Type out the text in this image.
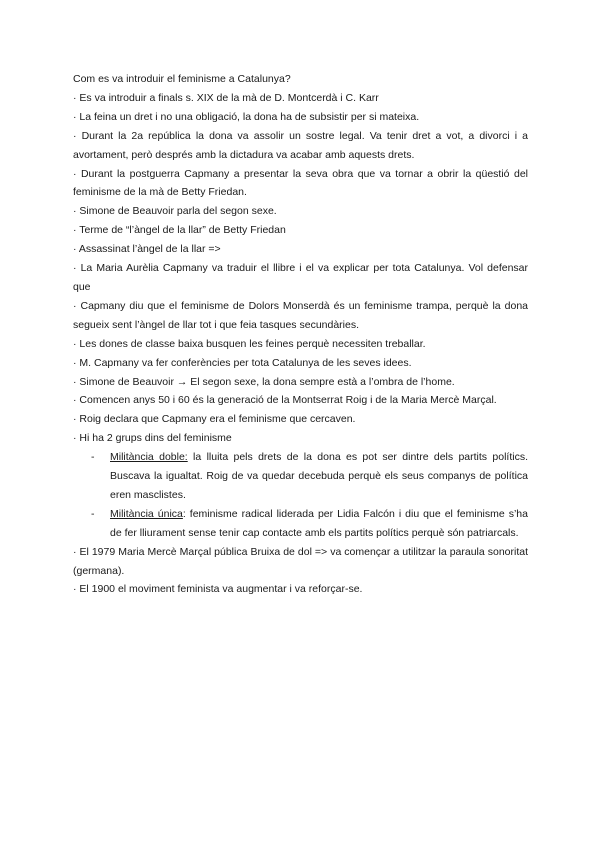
Com es va introduir el feminisme a Catalunya?

· Es va introduir a finals s. XIX de la mà de D. Montcerdà i C. Karr

· La feina un dret i no una obligació, la dona ha de subsistir per si mateixa.

· Durant la 2a república la dona va assolir un sostre legal. Va tenir dret a vot, a divorci i a avortament, però després amb la dictadura va acabar amb aquests drets.

· Durant la postguerra Capmany a presentar la seva obra que va tornar a obrir la qüestió del feminisme de la mà de Betty Friedan.

· Simone de Beauvoir parla del segon sexe.

· Terme de “l’àngel de la llar” de Betty Friedan

· Assassinat l’àngel de la llar =>

· La Maria Aurèlia Capmany va traduir el llibre i el va explicar per tota Catalunya. Vol defensar que

· Capmany diu que el feminisme de Dolors Monserdà és un feminisme trampa, perquè la dona segueix sent l’àngel de llar tot i que feia tasques secundàries.

· Les dones de classe baixa busquen les feines perquè necessiten treballar.

· M. Capmany va fer conferències per tota Catalunya de les seves idees.

· Simone de Beauvoir → El segon sexe, la dona sempre està a l’ombra de l’home.

· Comencen anys 50 i 60 és la generació de la Montserrat Roig i de la Maria Mercè Marçal.

· Roig declara que Capmany era el feminisme que cercaven.

· Hi ha 2 grups dins del feminisme

- Militància doble: la lluita pels drets de la dona es pot ser dintre dels partits polítics. Buscava la igualtat. Roig de va quedar decebuda perquè els seus companys de política eren masclistes.
- Militància única: feminisme radical liderada per Lidia Falcón i diu que el feminisme s’ha de fer lliurament sense tenir cap contacte amb els partits polítics perquè són patriarcals.

· El 1979 Maria Mercè Marçal pública Bruixa de dol => va començar a utilitzar la paraula sonoritat (germana).

· El 1900 el moviment feminista va augmentar i va reforçar-se.
